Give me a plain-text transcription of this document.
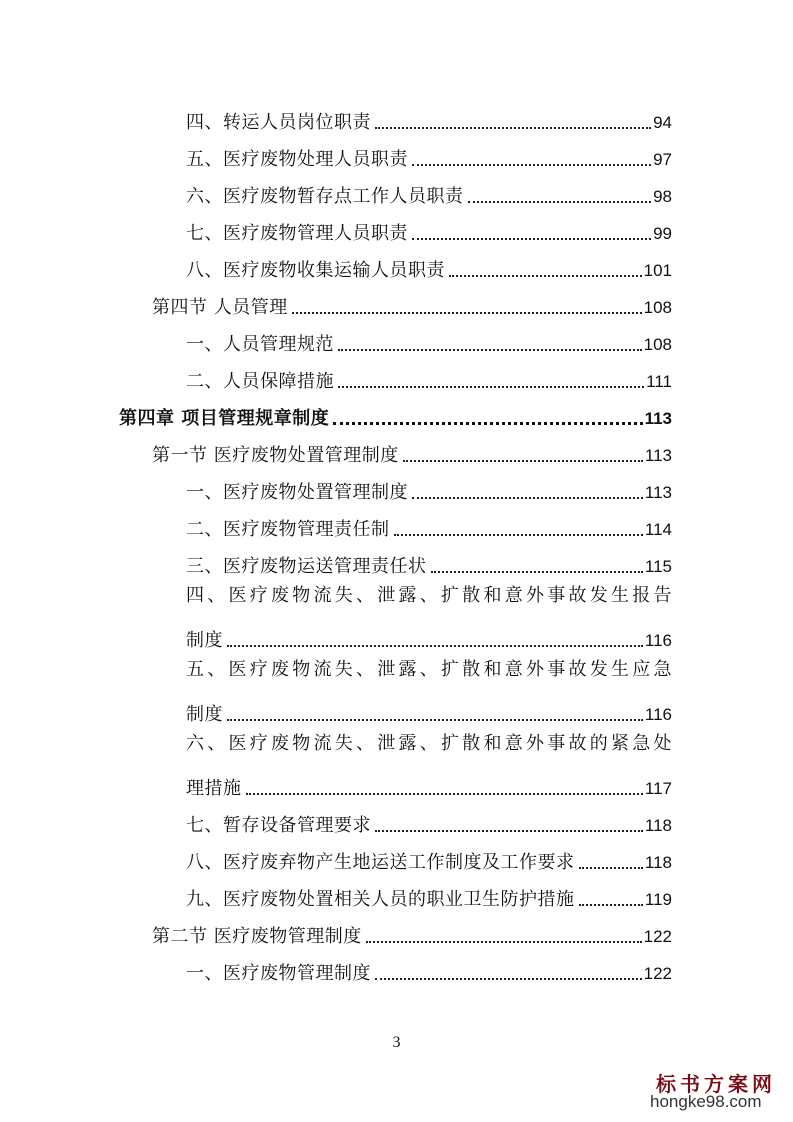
四、转运人员岗位职责	94
五、医疗废物处理人员职责	97
六、医疗废物暂存点工作人员职责	98
七、医疗废物管理人员职责	99
八、医疗废物收集运输人员职责	101
第四节 人员管理	108
一、人员管理规范	108
二、人员保障措施	111
第四章 项目管理规章制度	113
第一节 医疗废物处置管理制度	113
一、医疗废物处置管理制度	113
二、医疗废物管理责任制	114
三、医疗废物运送管理责任状	115
四、医疗废物流失、泄露、扩散和意外事故发生报告
制度	116
五、医疗废物流失、泄露、扩散和意外事故发生应急
制度	116
六、医疗废物流失、泄露、扩散和意外事故的紧急处
理措施	117
七、暂存设备管理要求	118
八、医疗废弃物产生地运送工作制度及工作要求	118
九、医疗废物处置相关人员的职业卫生防护措施	119
第二节 医疗废物管理制度	122
一、医疗废物管理制度	122
3
标书方案网
hongke98.com
